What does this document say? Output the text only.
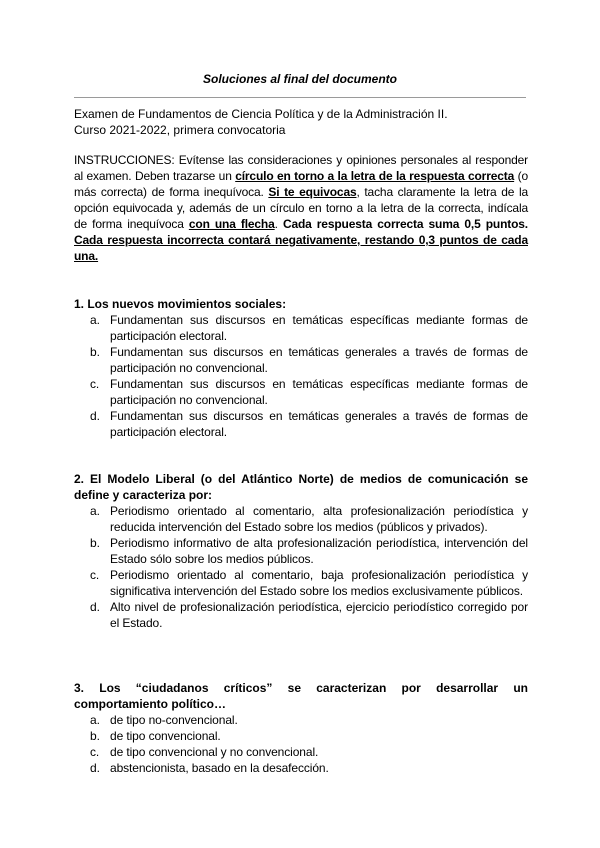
Soluciones al final del documento
Examen de Fundamentos de Ciencia Política y de la Administración II.
Curso 2021-2022, primera convocatoria
INSTRUCCIONES: Evítense las consideraciones y opiniones personales al responder al examen. Deben trazarse un círculo en torno a la letra de la respuesta correcta (o más correcta) de forma inequívoca. Si te equivocas, tacha claramente la letra de la opción equivocada y, además de un círculo en torno a la letra de la correcta, indícala de forma inequívoca con una flecha. Cada respuesta correcta suma 0,5 puntos. Cada respuesta incorrecta contará negativamente, restando 0,3 puntos de cada una.
1. Los nuevos movimientos sociales:
a. Fundamentan sus discursos en temáticas específicas mediante formas de participación electoral.
b. Fundamentan sus discursos en temáticas generales a través de formas de participación no convencional.
c. Fundamentan sus discursos en temáticas específicas mediante formas de participación no convencional.
d. Fundamentan sus discursos en temáticas generales a través de formas de participación electoral.
2. El Modelo Liberal (o del Atlántico Norte) de medios de comunicación se define y caracteriza por:
a. Periodismo orientado al comentario, alta profesionalización periodística y reducida intervención del Estado sobre los medios (públicos y privados).
b. Periodismo informativo de alta profesionalización periodística, intervención del Estado sólo sobre los medios públicos.
c. Periodismo orientado al comentario, baja profesionalización periodística y significativa intervención del Estado sobre los medios exclusivamente públicos.
d. Alto nivel de profesionalización periodística, ejercicio periodístico corregido por el Estado.
3. Los “ciudadanos críticos” se caracterizan por desarrollar un comportamiento político…
a. de tipo no-convencional.
b. de tipo convencional.
c. de tipo convencional y no convencional.
d. abstencionista, basado en la desafección.
